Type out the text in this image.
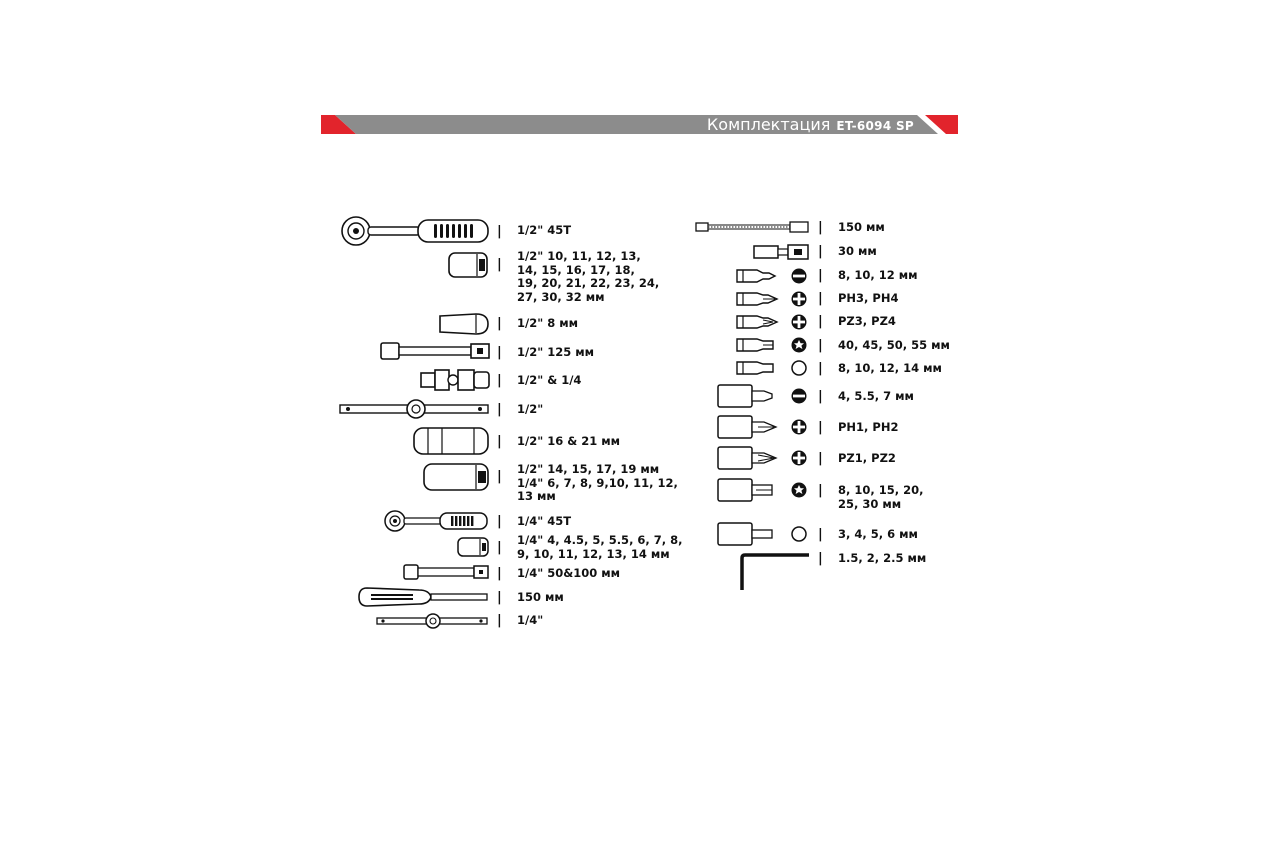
Комплектация ET-6094 SP
| 1/2" 45T
|
1/2" 10, 11, 12, 13,
14, 15, 16, 17, 18,
19, 20, 21, 22, 23, 24,
27, 30, 32 мм
| 1/2" 8 мм
| 1/2" 125 мм
| 1/2" & 1/4
| 1/2"
| 1/2" 16 & 21 мм
| 1/2" 14, 15, 17, 19 мм
1/4" 6, 7, 8, 9,10, 11, 12,
13 мм
| 1/4" 45T
| 1/4" 4, 4.5, 5, 5.5, 6, 7, 8,
9, 10, 11, 12, 13, 14 мм
| 1/4" 50&100 мм
| 150 мм
| 1/4"
| 150 мм
| 30 мм
| 8, 10, 12 мм
| PH3, PH4
| PZ3, PZ4
| 40, 45, 50, 55 мм
| 8, 10, 12, 14 мм
| 4, 5.5, 7 мм
| PH1, PH2
| PZ1, PZ2
| 8, 10, 15, 20,
25, 30 мм
| 3, 4, 5, 6 мм
| 1.5, 2, 2.5 мм
